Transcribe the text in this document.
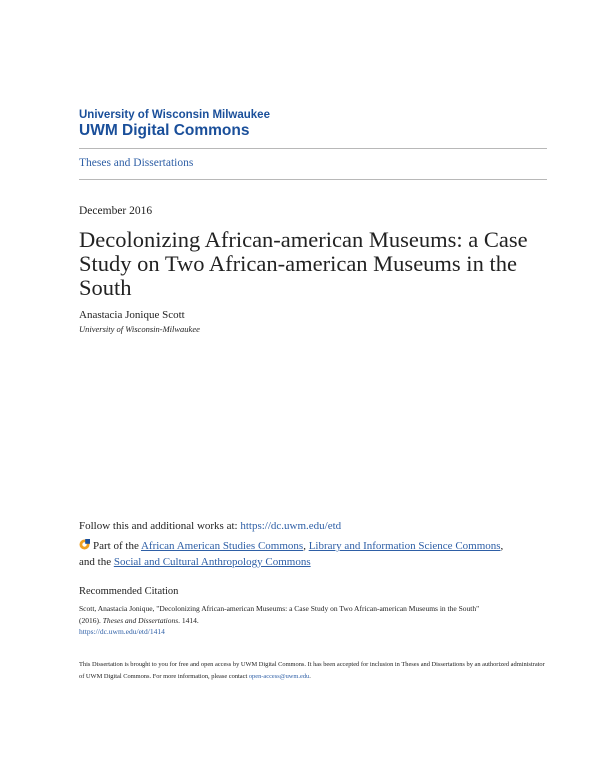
University of Wisconsin Milwaukee
UWM Digital Commons
Theses and Dissertations
December 2016
Decolonizing African-american Museums: a Case Study on Two African-american Museums in the South
Anastacia Jonique Scott
University of Wisconsin-Milwaukee
Follow this and additional works at: https://dc.uwm.edu/etd
Part of the African American Studies Commons, Library and Information Science Commons,
and the Social and Cultural Anthropology Commons
Recommended Citation
Scott, Anastacia Jonique, "Decolonizing African-american Museums: a Case Study on Two African-american Museums in the South"
(2016). Theses and Dissertations. 1414.
https://dc.uwm.edu/etd/1414
This Dissertation is brought to you for free and open access by UWM Digital Commons. It has been accepted for inclusion in Theses and Dissertations by an authorized administrator of UWM Digital Commons. For more information, please contact open-access@uwm.edu.
